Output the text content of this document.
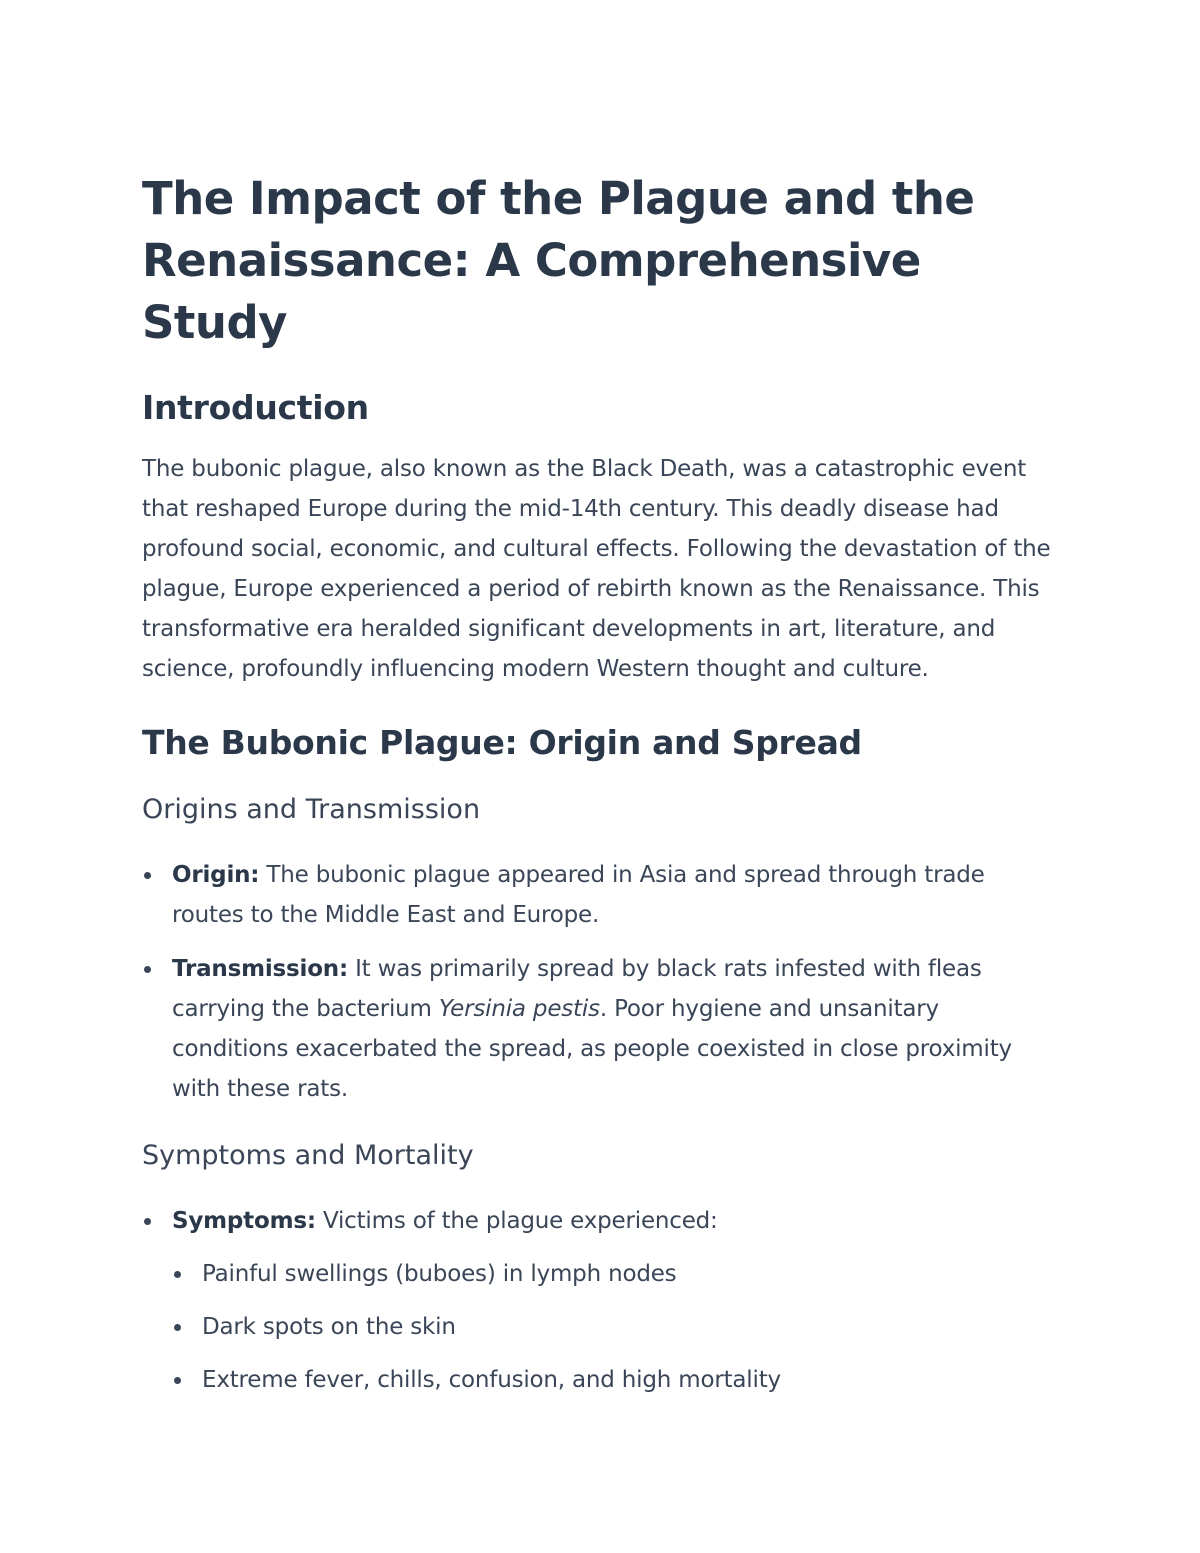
The Impact of the Plague and the Renaissance: A Comprehensive Study
Introduction

The bubonic plague, also known as the Black Death, was a catastrophic event that reshaped Europe during the mid-14th century. This deadly disease had profound social, economic, and cultural effects. Following the devastation of the plague, Europe experienced a period of rebirth known as the Renaissance. This transformative era heralded significant developments in art, literature, and science, profoundly influencing modern Western thought and culture.

The Bubonic Plague: Origin and Spread
Origins and Transmission
Origin: The bubonic plague appeared in Asia and spread through trade routes to the Middle East and Europe.
Transmission: It was primarily spread by black rats infested with fleas carrying the bacterium Yersinia pestis. Poor hygiene and unsanitary conditions exacerbated the spread, as people coexisted in close proximity with these rats.
Symptoms and Mortality
Symptoms: Victims of the plague experienced:
Painful swellings (buboes) in lymph nodes
Dark spots on the skin
Extreme fever, chills, confusion, and high mortality
